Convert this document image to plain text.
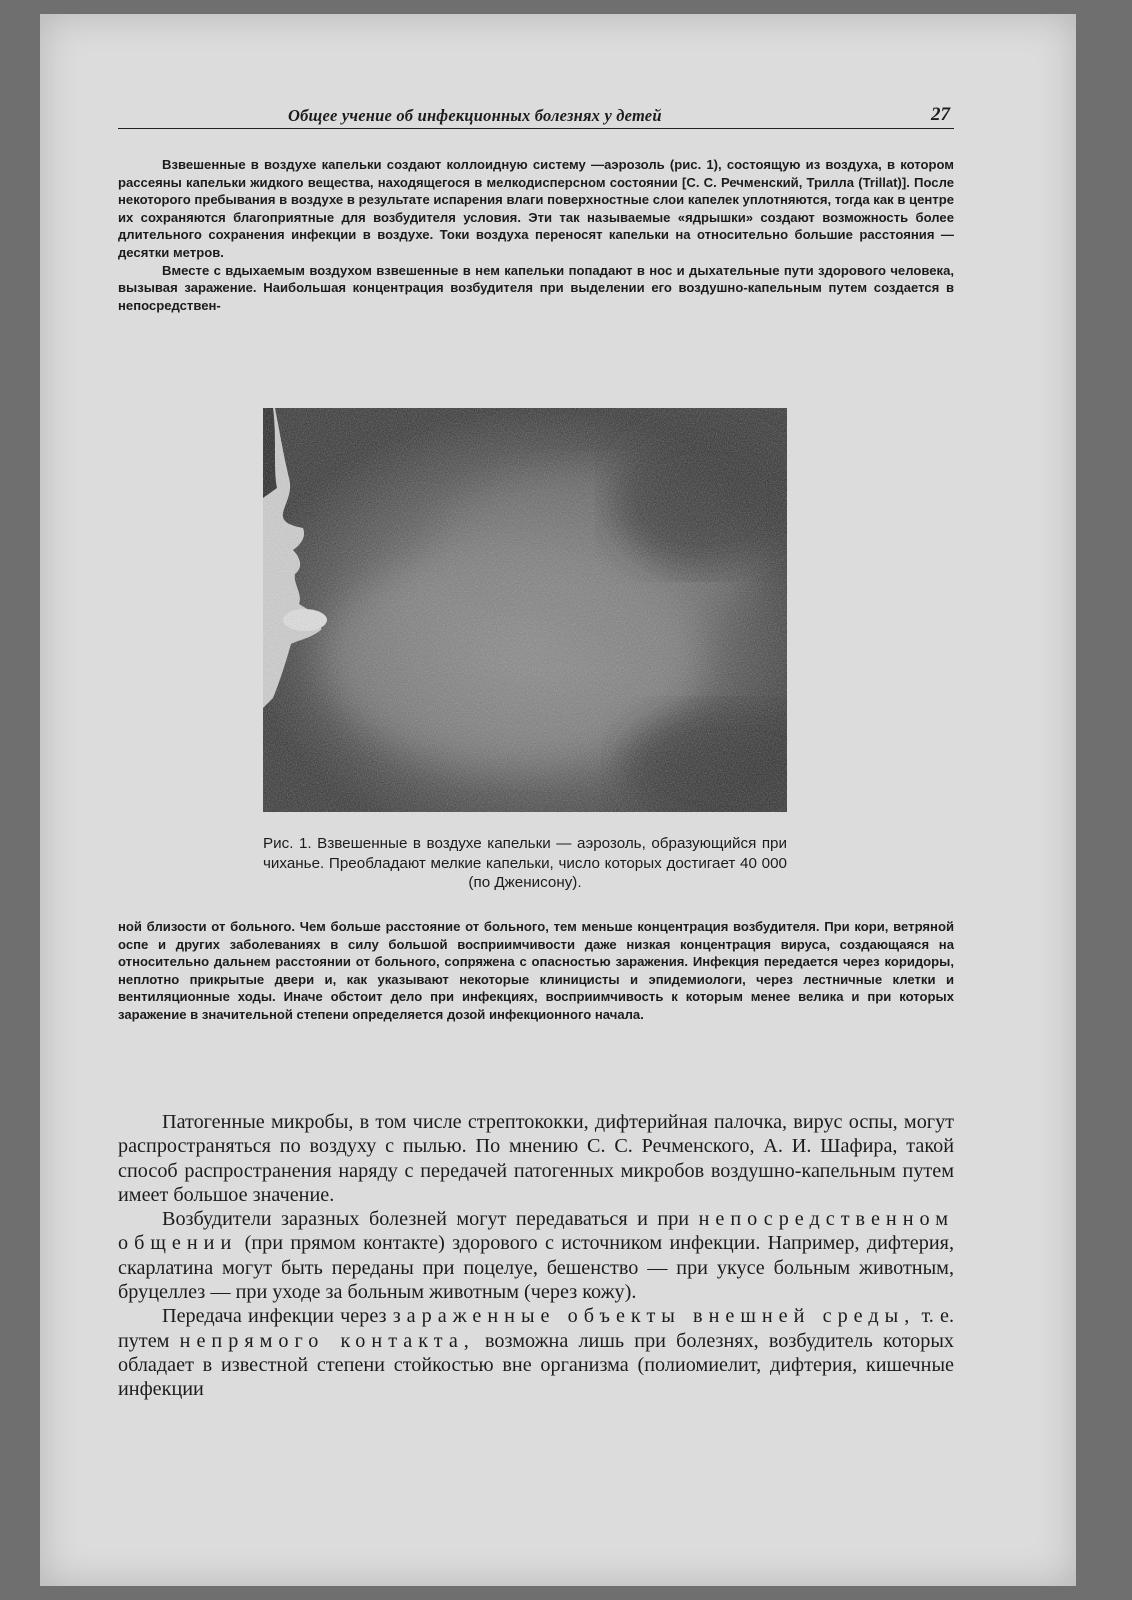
Общее учение об инфекционных болезнях у детей	27

Взвешенные в воздухе капельки создают коллоидную систему —аэрозоль (рис. 1), состоящую из воздуха, в котором рассеяны капельки жидкого вещества, находящегося в мелкодисперсном состоянии [С. С. Речменский, Трилла (Trillat)]. После некоторого пребывания в воздухе в результате испарения влаги поверхностные слои капелек уплотняются, тогда как в центре их сохраняются благоприятные для возбудителя условия. Эти так называемые «ядрышки» создают возможность более длительного сохранения инфекции в воздухе. Токи воздуха переносят капельки на относительно большие расстояния — десятки метров.

Вместе с вдыхаемым воздухом взвешенные в нем капельки попадают в нос и дыхательные пути здорового человека, вызывая заражение. Наибольшая концентрация возбудителя при выделении его воздушно-капельным путем создается в непосредствен-

Рис. 1. Взвешенные в воздухе капельки — аэрозоль, образующийся при чиханье. Преобладают мелкие капельки, число которых достигает 40 000 (по Дженисону).

ной близости от больного. Чем больше расстояние от больного, тем меньше концентрация возбудителя. При кори, ветряной оспе и других заболеваниях в силу большой восприимчивости даже низкая концентрация вируса, создающаяся на относительно дальнем расстоянии от больного, сопряжена с опасностью заражения. Инфекция передается через коридоры, неплотно прикрытые двери и, как указывают некоторые клиницисты и эпидемиологи, через лестничные клетки и вентиляционные ходы. Иначе обстоит дело при инфекциях, восприимчивость к которым менее велика и при которых заражение в значительной степени определяется дозой инфекционного начала.

Патогенные микробы, в том числе стрептококки, дифтерийная палочка, вирус оспы, могут распространяться по воздуху с пылью. По мнению С. С. Речменского, А. И. Шафира, такой способ распространения наряду с передачей патогенных микробов воздушно-капельным путем имеет большое значение.

Возбудители заразных болезней могут передаваться и при непосредственном общении (при прямом контакте) здорового с источником инфекции. Например, дифтерия, скарлатина могут быть переданы при поцелуе, бешенство — при укусе больным животным, бруцеллез — при уходе за больным животным (через кожу).

Передача инфекции через зараженные объекты внешней среды, т. е. путем непрямого контакта, возможна лишь при болезнях, возбудитель которых обладает в известной степени стойкостью вне организма (полиомиелит, дифтерия, кишечные инфекции
